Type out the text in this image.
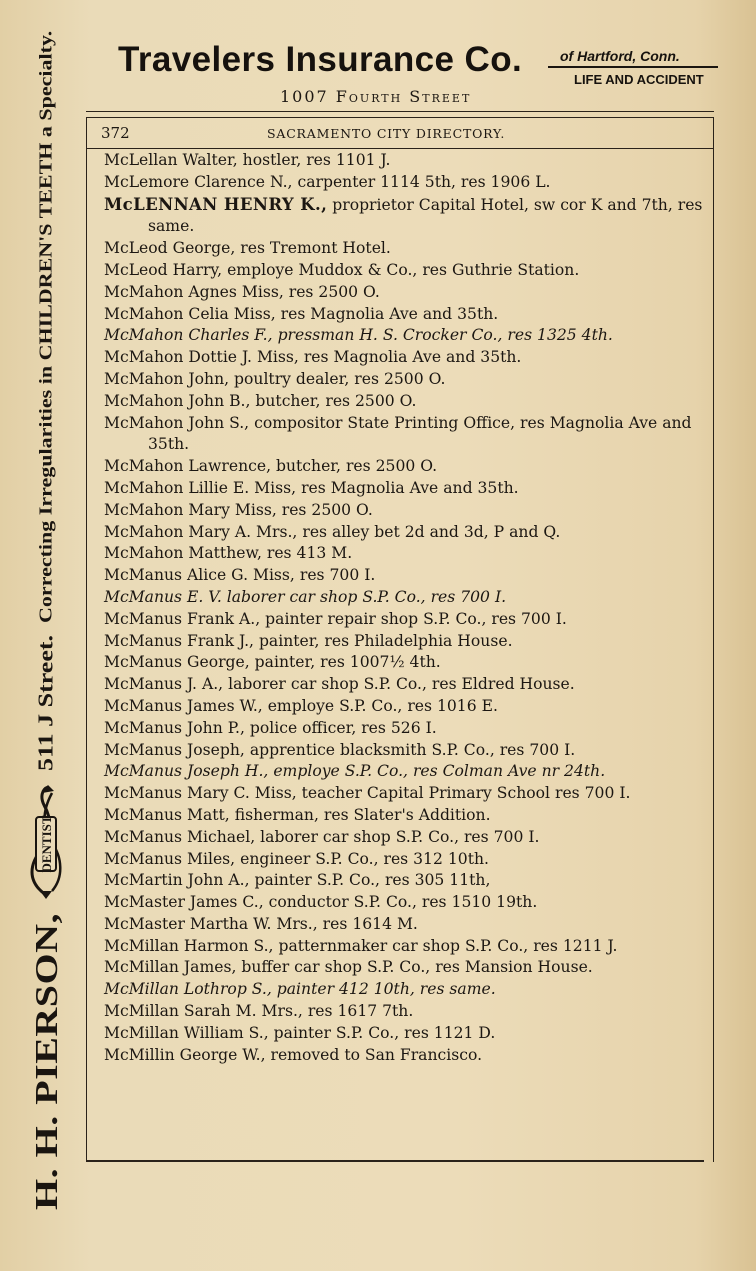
H. H. PIERSON,
DENTIST
511 J Street.
Correcting Irregularities in CHILDREN'S TEETH a Specialty. Travelers Insurance Co.	of Hartford, Conn.
LIFE AND ACCIDENT
1007 Fourth Street
372	SACRAMENTO CITY DIRECTORY.
McLellan Walter, hostler, res 1101 J.
McLemore Clarence N., carpenter 1114 5th, res 1906 L.
McLENNAN HENRY K., proprietor Capital Hotel, sw cor K and 7th, res same.
McLeod George, res Tremont Hotel.
McLeod Harry, employe Muddox & Co., res Guthrie Station.
McMahon Agnes Miss, res 2500 O.
McMahon Celia Miss, res Magnolia Ave and 35th.
McMahon Charles F., pressman H. S. Crocker Co., res 1325 4th.
McMahon Dottie J. Miss, res Magnolia Ave and 35th.
McMahon John, poultry dealer, res 2500 O.
McMahon John B., butcher, res 2500 O.
McMahon John S., compositor State Printing Office, res Magnolia Ave and 35th.
McMahon Lawrence, butcher, res 2500 O.
McMahon Lillie E. Miss, res Magnolia Ave and 35th.
McMahon Mary Miss, res 2500 O.
McMahon Mary A. Mrs., res alley bet 2d and 3d, P and Q.
McMahon Matthew, res 413 M.
McManus Alice G. Miss, res 700 I.
McManus E. V. laborer car shop S.P. Co., res 700 I.
McManus Frank A., painter repair shop S.P. Co., res 700 I.
McManus Frank J., painter, res Philadelphia House.
McManus George, painter, res 1007½ 4th.
McManus J. A., laborer car shop S.P. Co., res Eldred House.
McManus James W., employe S.P. Co., res 1016 E.
McManus John P., police officer, res 526 I.
McManus Joseph, apprentice blacksmith S.P. Co., res 700 I.
McManus Joseph H., employe S.P. Co., res Colman Ave nr 24th.
McManus Mary C. Miss, teacher Capital Primary School res 700 I.
McManus Matt, fisherman, res Slater's Addition.
McManus Michael, laborer car shop S.P. Co., res 700 I.
McManus Miles, engineer S.P. Co., res 312 10th.
McMartin John A., painter S.P. Co., res 305 11th,
McMaster James C., conductor S.P. Co., res 1510 19th.
McMaster Martha W. Mrs., res 1614 M.
McMillan Harmon S., patternmaker car shop S.P. Co., res 1211 J.
McMillan James, buffer car shop S.P. Co., res Mansion House.
McMillan Lothrop S., painter 412 10th, res same.
McMillan Sarah M. Mrs., res 1617 7th.
McMillan William S., painter S.P. Co., res 1121 D.
McMillin George W., removed to San Francisco.
